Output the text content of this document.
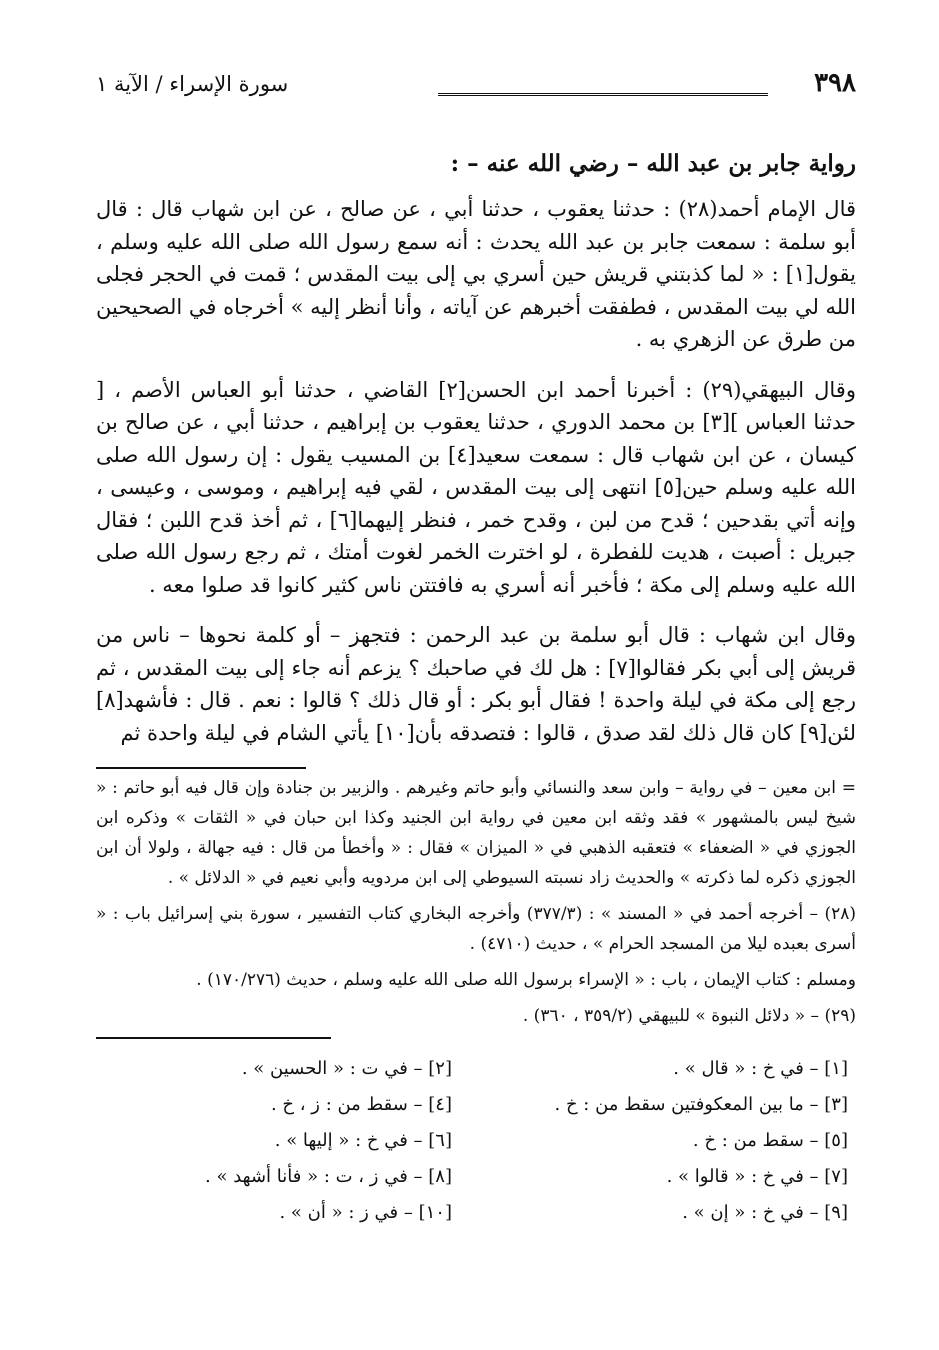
٣٩٨
سورة الإسراء / الآية ١
رواية جابر بن عبد الله – رضي الله عنه – :

قال الإمام أحمد(٢٨) : حدثنا يعقوب ، حدثنا أبي ، عن صالح ، عن ابن شهاب قال : قال أبو سلمة : سمعت جابر بن عبد الله يحدث : أنه سمع رسول الله صلى الله عليه وسلم ، يقول[١] : « لما كذبتني قريش حين أسري بي إلى بيت المقدس ؛ قمت في الحجر فجلى الله لي بيت المقدس ، فطفقت أخبرهم عن آياته ، وأنا أنظر إليه » أخرجاه في الصحيحين من طرق عن الزهري به .

وقال البيهقي(٢٩) : أخبرنا أحمد ابن الحسن[٢] القاضي ، حدثنا أبو العباس الأصم ، [ حدثنا العباس ][٣] بن محمد الدوري ، حدثنا يعقوب بن إبراهيم ، حدثنا أبي ، عن صالح بن كيسان ، عن ابن شهاب قال : سمعت سعيد[٤] بن المسيب يقول : إن رسول الله صلى الله عليه وسلم حين[٥] انتهى إلى بيت المقدس ، لقي فيه إبراهيم ، وموسى ، وعيسى ، وإنه أتي بقدحين ؛ قدح من لبن ، وقدح خمر ، فنظر إليهما[٦] ، ثم أخذ قدح اللبن ؛ فقال جبريل : أصبت ، هديت للفطرة ، لو اخترت الخمر لغوت أمتك ، ثم رجع رسول الله صلى الله عليه وسلم إلى مكة ؛ فأخبر أنه أسري به فافتتن ناس كثير كانوا قد صلوا معه .

وقال ابن شهاب : قال أبو سلمة بن عبد الرحمن : فتجهز – أو كلمة نحوها – ناس من قريش إلى أبي بكر فقالوا[٧] : هل لك في صاحبك ؟ يزعم أنه جاء إلى بيت المقدس ، ثم رجع إلى مكة في ليلة واحدة ! فقال أبو بكر : أو قال ذلك ؟ قالوا : نعم . قال : فأشهد[٨] لئن[٩] كان قال ذلك لقد صدق ، قالوا : فتصدقه بأن[١٠] يأتي الشام في ليلة واحدة ثم

= ابن معين – في رواية – وابن سعد والنسائي وأبو حاتم وغيرهم . والزبير بن جنادة وإن قال فيه أبو حاتم : « شيخ ليس بالمشهور » فقد وثقه ابن معين في رواية ابن الجنيد وكذا ابن حبان في « الثقات » وذكره ابن الجوزي في « الضعفاء » فتعقبه الذهبي في « الميزان » فقال : « وأخطأ من قال : فيه جهالة ، ولولا أن ابن الجوزي ذكره لما ذكرته » والحديث زاد نسبته السيوطي إلى ابن مردويه وأبي نعيم في « الدلائل » .
(٢٨) – أخرجه أحمد في « المسند » : (٣٧٧/٣) وأخرجه البخاري كتاب التفسير ، سورة بني إسرائيل باب : « أسرى بعبده ليلا من المسجد الحرام » ، حديث (٤٧١٠) .
ومسلم : كتاب الإيمان ، باب : « الإسراء برسول الله صلى الله عليه وسلم ، حديث (١٧٠/٢٧٦) .
(٢٩) – « دلائل النبوة » للبيهقي (٣٥٩/٢ ، ٣٦٠) .
[١] – في خ : « قال » .
[٢] – في ت : « الحسين » .
[٣] – ما بين المعكوفتين سقط من : خ .
[٤] – سقط من : ز ، خ .
[٥] – سقط من : خ .
[٦] – في خ : « إليها » .
[٧] – في خ : « قالوا » .
[٨] – في ز ، ت : « فأنا أشهد » .
[٩] – في خ : « إن » .
[١٠] – في ز : « أن » .
